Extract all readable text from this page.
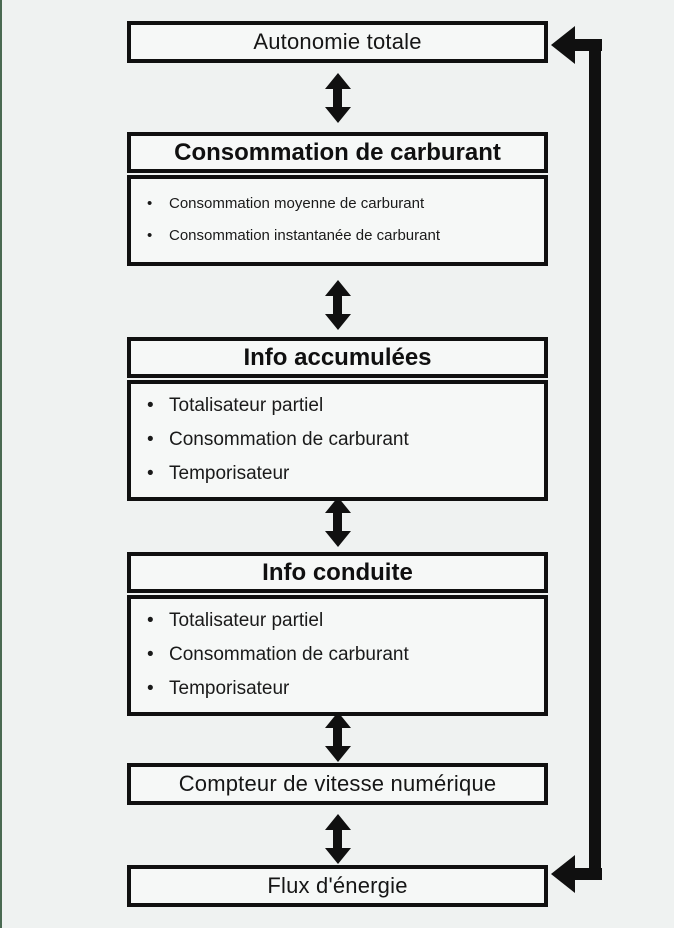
Autonomie totale
Consommation de carburant
• Consommation moyenne de carburant
• Consommation instantanée de carburant
Info accumulées
• Totalisateur partiel
• Consommation de carburant
• Temporisateur
Info conduite
• Totalisateur partiel
• Consommation de carburant
• Temporisateur
Compteur de vitesse numérique
Flux d'énergie
